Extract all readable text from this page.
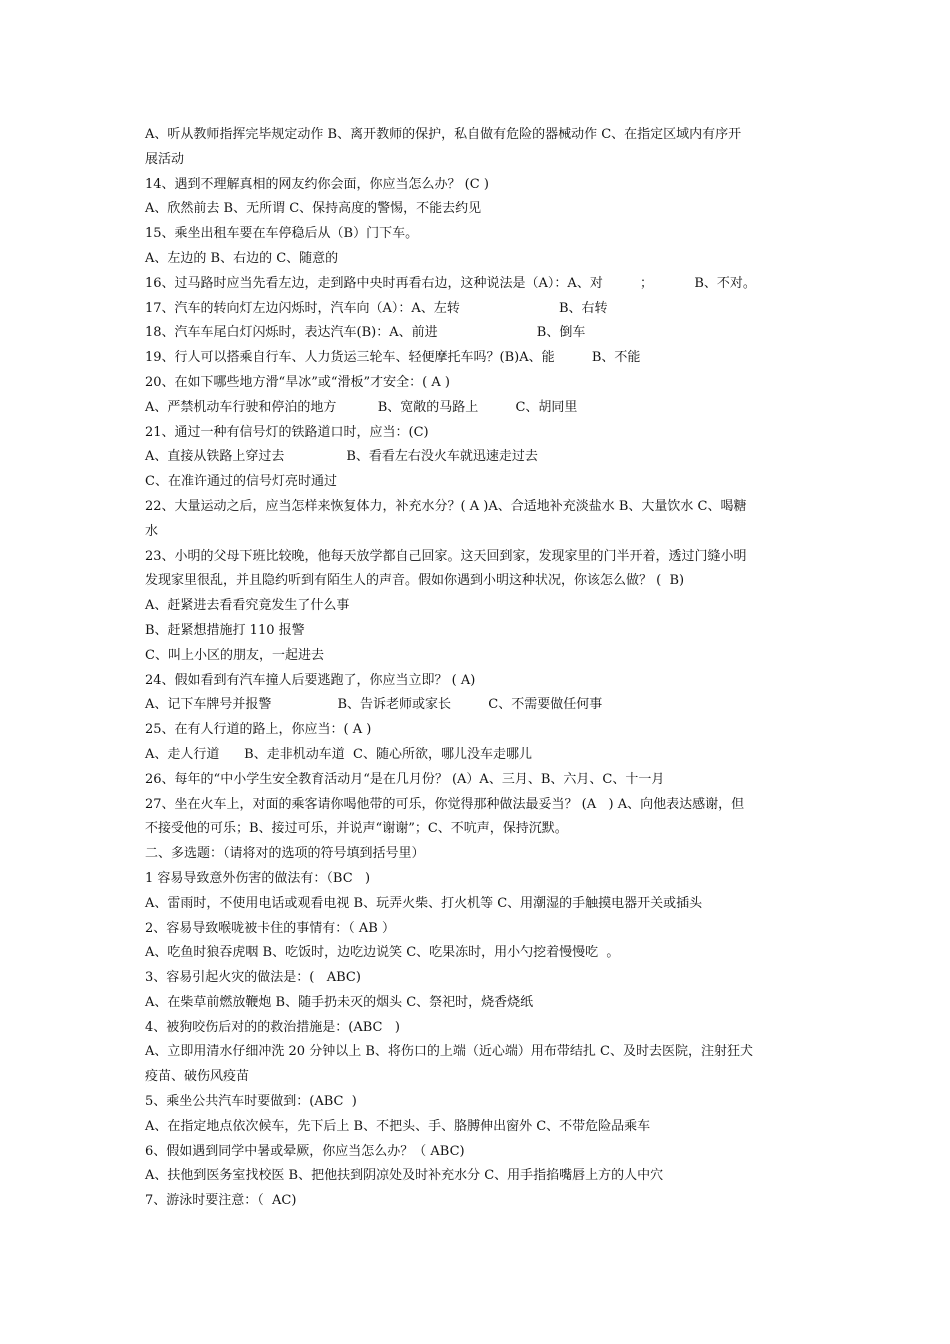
A、听从教师指挥完毕规定动作 B、离开教师的保护，私自做有危险的器械动作 C、在指定区域内有序开
展活动
14、遇到不理解真相的网友约你会面，你应当怎么办？ (C )
A、欣然前去 B、无所谓 C、保持高度的警惕，不能去约见
15、乘坐出租车要在车停稳后从（B）门下车。
A、左边的 B、右边的 C、随意的
16、过马路时应当先看左边，走到路中央时再看右边，这种说法是（A）：A、对         ；          B、不对。
17、汽车的转向灯左边闪烁时，汽车向（A）：A、左转                        B、右转
18、汽车车尾白灯闪烁时，表达汽车(B)：A、前进                        B、倒车
19、行人可以搭乘自行车、人力货运三轮车、轻便摩托车吗？(B)A、能         B、不能
20、在如下哪些地方滑“旱冰”或“滑板”才安全：( A )
A、严禁机动车行驶和停泊的地方          B、宽敞的马路上         C、胡同里
21、通过一种有信号灯的铁路道口时，应当：(C)
A、直接从铁路上穿过去               B、看看左右没火车就迅速走过去
C、在准许通过的信号灯亮时通过
22、大量运动之后，应当怎样来恢复体力，补充水分？( A )A、合适地补充淡盐水 B、大量饮水 C、喝糖
水
23、小明的父母下班比较晚，他每天放学都自己回家。这天回到家，发现家里的门半开着，透过门缝小明
发现家里很乱，并且隐约听到有陌生人的声音。假如你遇到小明这种状况，你该怎么做？ (  B)
A、赶紧进去看看究竟发生了什么事
B、赶紧想措施打 110 报警
C、叫上小区的朋友，一起进去
24、假如看到有汽车撞人后要逃跑了，你应当立即？ ( A)
A、记下车牌号并报警                B、告诉老师或家长         C、不需要做任何事
25、在有人行道的路上，你应当：( A )
A、走人行道      B、走非机动车道  C、随心所欲，哪儿没车走哪儿
26、每年的“中小学生安全教育活动月“是在几月份？ (A）A、三月、B、六月、C、十一月
27、坐在火车上，对面的乘客请你喝他带的可乐，你觉得那种做法最妥当？ (A   ) A、向他表达感谢，但
不接受他的可乐；B、接过可乐，并说声“谢谢”；C、不吭声，保持沉默。
二、多选题：（请将对的选项的符号填到括号里）
1 容易导致意外伤害的做法有：（BC   )
A、雷雨时，不使用电话或观看电视 B、玩弄火柴、打火机等 C、用潮湿的手触摸电器开关或插头
2、容易导致喉咙被卡住的事情有：（ AB ）
A、吃鱼时狼吞虎咽 B、吃饭时，边吃边说笑 C、吃果冻时，用小勺挖着慢慢吃  。
3、容易引起火灾的做法是：(   ABC)
A、在柴草前燃放鞭炮 B、随手扔未灭的烟头 C、祭祀时，烧香烧纸
4、被狗咬伤后对的的救治措施是：(ABC   )
A、立即用清水仔细冲洗 20 分钟以上 B、将伤口的上端（近心端）用布带结扎 C、及时去医院，注射狂犬
疫苗、破伤风疫苗
5、乘坐公共汽车时要做到：(ABC  )
A、在指定地点依次候车，先下后上 B、不把头、手、胳膊伸出窗外 C、不带危险品乘车
6、假如遇到同学中暑或晕厥，你应当怎么办？（ ABC)
A、扶他到医务室找校医 B、把他扶到阴凉处及时补充水分 C、用手指掐嘴唇上方的人中穴
7、游泳时要注意：（  AC)
